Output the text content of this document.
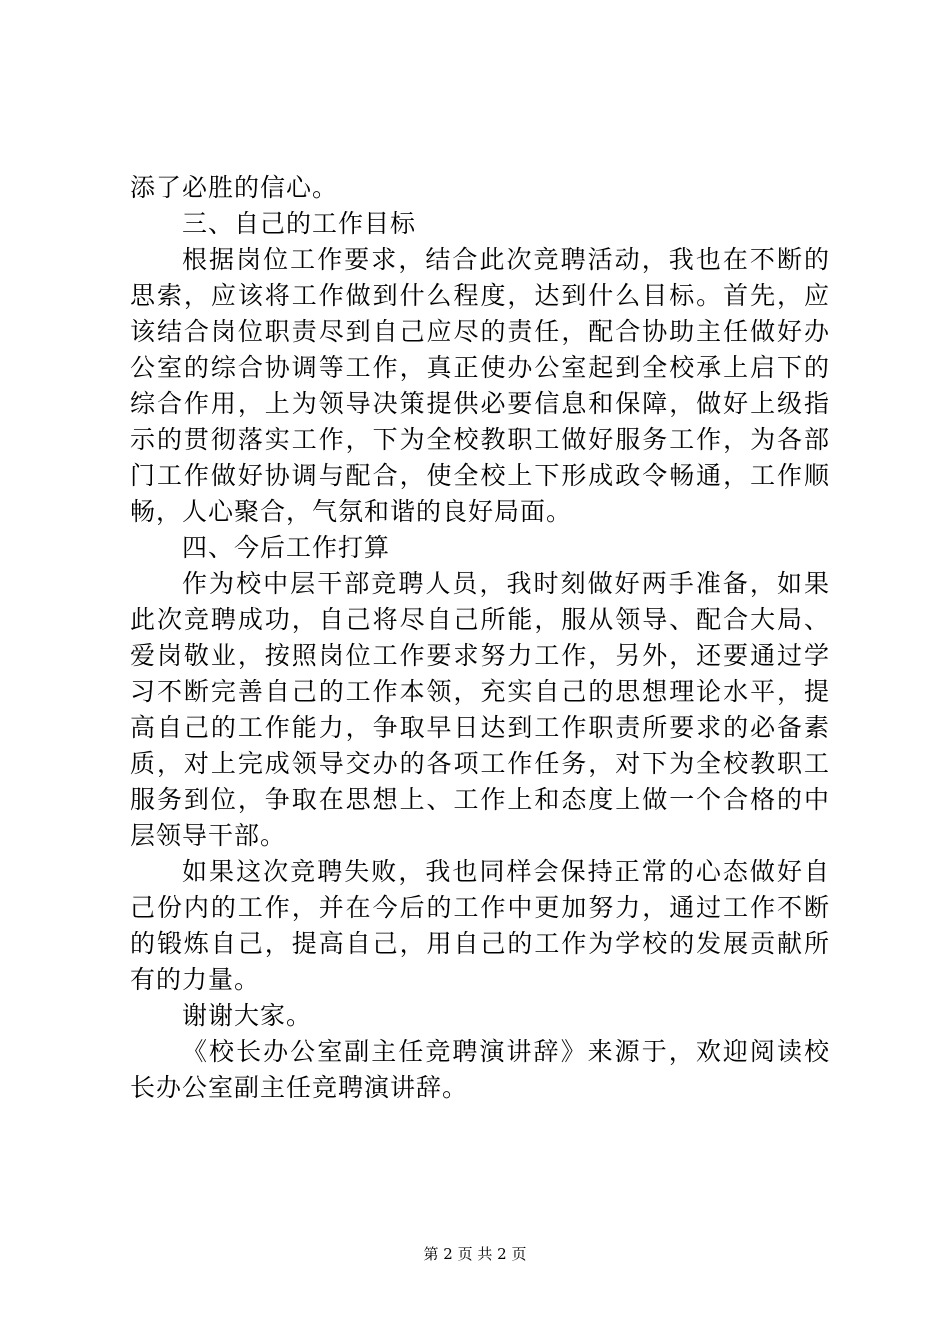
添了必胜的信心。

三、自己的工作目标

根据岗位工作要求，结合此次竞聘活动，我也在不断的思索，应该将工作做到什么程度，达到什么目标。首先，应该结合岗位职责尽到自己应尽的责任，配合协助主任做好办公室的综合协调等工作，真正使办公室起到全校承上启下的综合作用，上为领导决策提供必要信息和保障，做好上级指示的贯彻落实工作，下为全校教职工做好服务工作，为各部门工作做好协调与配合，使全校上下形成政令畅通，工作顺畅，人心聚合，气氛和谐的良好局面。

四、今后工作打算

作为校中层干部竞聘人员，我时刻做好两手准备，如果此次竞聘成功，自己将尽自己所能，服从领导、配合大局、爱岗敬业，按照岗位工作要求努力工作，另外，还要通过学习不断完善自己的工作本领，充实自己的思想理论水平，提高自己的工作能力，争取早日达到工作职责所要求的必备素质，对上完成领导交办的各项工作任务，对下为全校教职工服务到位，争取在思想上、工作上和态度上做一个合格的中层领导干部。

如果这次竞聘失败，我也同样会保持正常的心态做好自己份内的工作，并在今后的工作中更加努力，通过工作不断的锻炼自己，提高自己，用自己的工作为学校的发展贡献所有的力量。

谢谢大家。

《校长办公室副主任竞聘演讲辞》来源于，欢迎阅读校长办公室副主任竞聘演讲辞。

第 2 页 共 2 页
